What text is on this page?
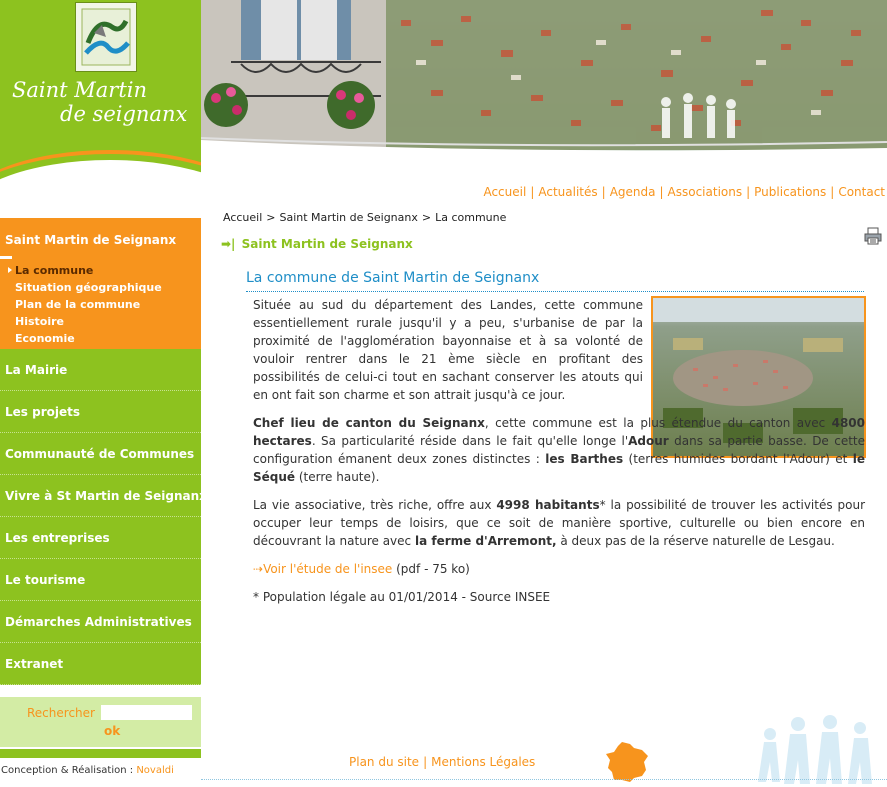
Saint Martin
de seignanx
Saint Martin de Seignanx
La commune
Situation géographique
Plan de la commune
Histoire
Economie
La Mairie
Les projets
Communauté de Communes
Vivre à St Martin de Seignanx
Les entreprises
Le tourisme
Démarches Administratives
Extranet
Rechercher
ok
Conception & Réalisation : Novaldi
Accueil | Actualités | Agenda | Associations | Publications | Contact
Accueil > Saint Martin de Seignanx > La commune
➡| Saint Martin de Seignanx
La commune de Saint Martin de Seignanx

Située au sud du département des Landes, cette commune essentiellement rurale jusqu'il y a peu, s'urbanise de par la proximité de l'agglomération bayonnaise et à sa volonté de vouloir rentrer dans le 21 ème siècle en profitant des possibilités de celui-ci tout en sachant conserver les atouts qui en ont fait son charme et son attrait jusqu'à ce jour.

Chef lieu de canton du Seignanx, cette commune est la plus étendue du canton avec 4800 hectares. Sa particularité réside dans le fait qu'elle longe l'Adour dans sa partie basse. De cette configuration émanent deux zones distinctes : les Barthes (terres humides bordant l'Adour) et le Séqué (terre haute).

La vie associative, très riche, offre aux 4998 habitants* la possibilité de trouver les activités pour occuper leur temps de loisirs, que ce soit de manière sportive, culturelle ou bien encore en découvrant la nature avec la ferme d'Arremont, à deux pas de la réserve naturelle de Lesgau.

⇢Voir l'étude de l'insee (pdf - 75 ko)

* Population légale au 01/01/2014 - Source INSEE

Plan du site | Mentions Légales
